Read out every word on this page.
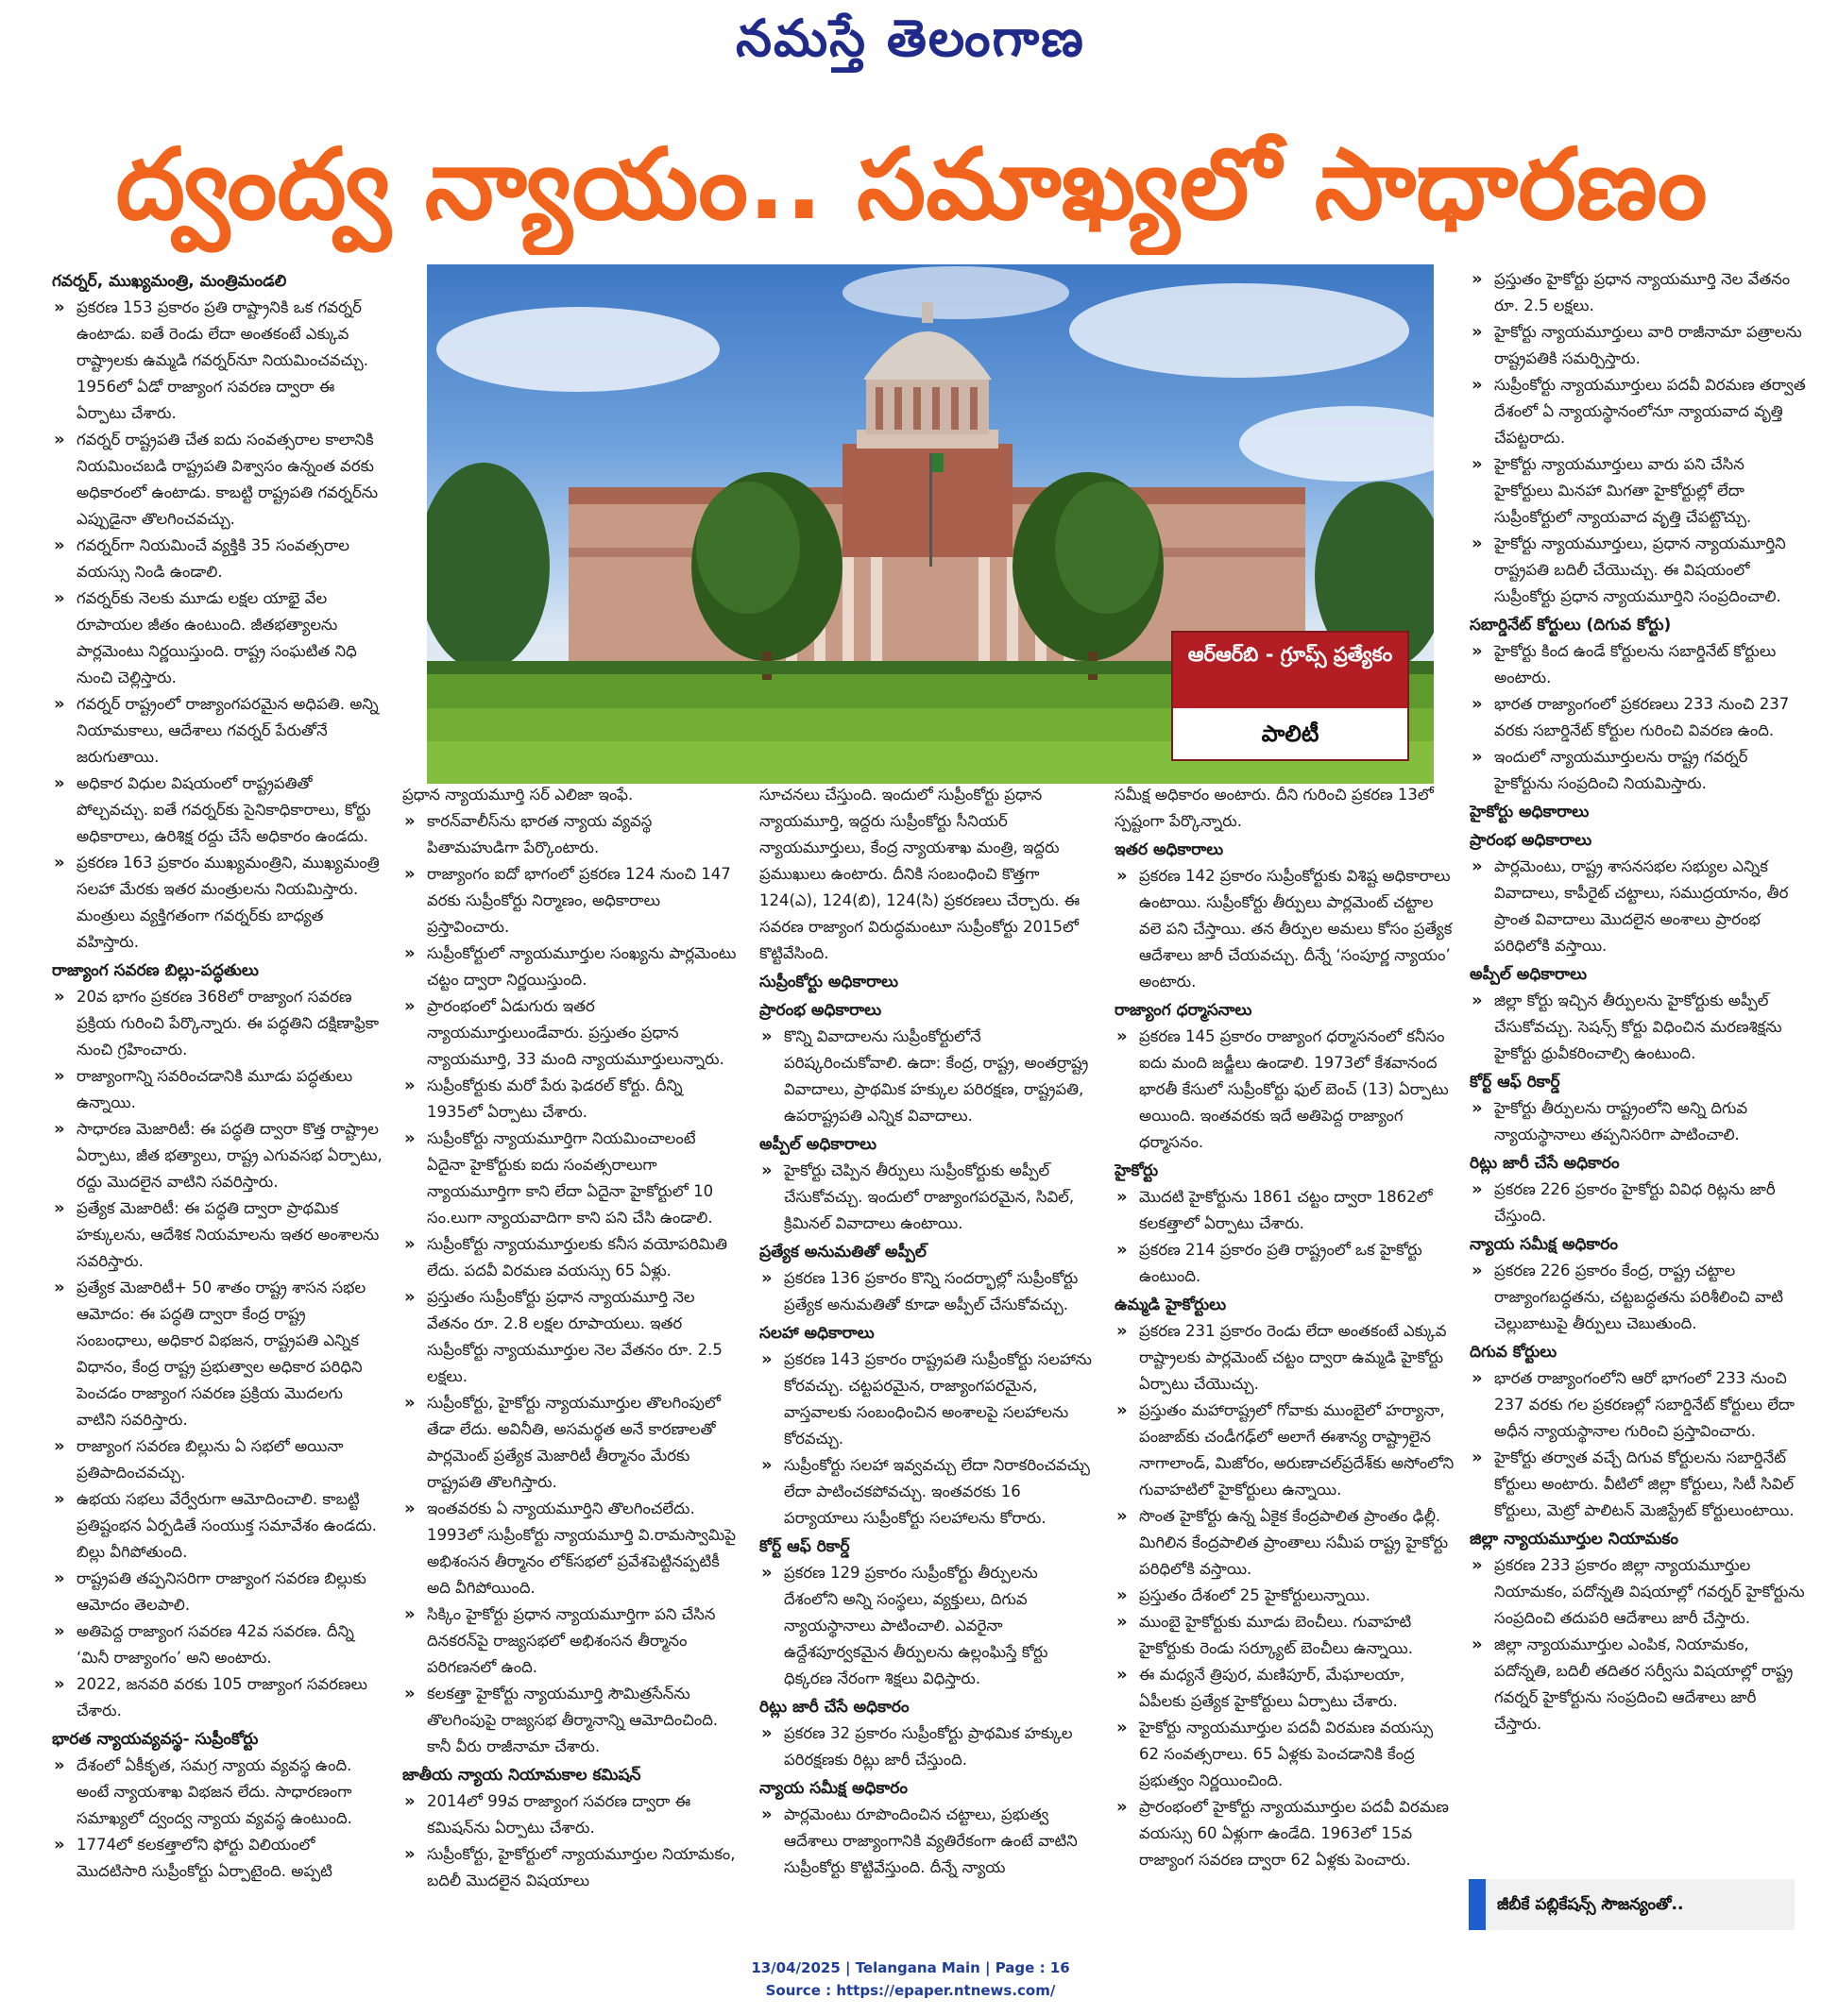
నమస్తే తెలంగాణ
ద్వంద్వ న్యాయం.. సమాఖ్యలో సాధారణం
గవర్నర్, ముఖ్యమంత్రి, మంత్రిమండలి
» ప్రకరణ 153 ప్రకారం ప్రతి రాష్ట్రానికి ఒక గవర్నర్ ఉంటాడు. ఐతే రెండు లేదా అంతకంటే ఎక్కువ రాష్ట్రాలకు ఉమ్మడి గవర్నర్‌నూ నియమించవచ్చు. 1956లో ఏడో రాజ్యాంగ సవరణ ద్వారా ఈ ఏర్పాటు చేశారు.
» గవర్నర్ రాష్ట్రపతి చేత ఐదు సంవత్సరాల కాలానికి నియమించబడి రాష్ట్రపతి విశ్వాసం ఉన్నంత వరకు అధికారంలో ఉంటాడు. కాబట్టి రాష్ట్రపతి గవర్నర్‌ను ఎప్పుడైనా తొలగించవచ్చు.
» గవర్నర్‌గా నియమించే వ్యక్తికి 35 సంవత్సరాల వయస్సు నిండి ఉండాలి.
» గవర్నర్‌కు నెలకు మూడు లక్షల యాభై వేల రూపాయల జీతం ఉంటుంది. జీతభత్యాలను పార్లమెంటు నిర్ణయిస్తుంది. రాష్ట్ర సంఘటిత నిధి నుంచి చెల్లిస్తారు.
» గవర్నర్ రాష్ట్రంలో రాజ్యాంగపరమైన అధిపతి. అన్ని నియామకాలు, ఆదేశాలు గవర్నర్ పేరుతోనే జరుగుతాయి.
» అధికార విధుల విషయంలో రాష్ట్రపతితో పోల్చవచ్చు. ఐతే గవర్నర్‌కు సైనికాధికారాలు, కోర్టు అధికారాలు, ఉరిశిక్ష రద్దు చేసే అధికారం ఉండదు.
» ప్రకరణ 163 ప్రకారం ముఖ్యమంత్రిని, ముఖ్యమంత్రి సలహా మేరకు ఇతర మంత్రులను నియమిస్తారు. మంత్రులు వ్యక్తిగతంగా గవర్నర్‌కు బాధ్యత వహిస్తారు.
రాజ్యాంగ సవరణ బిల్లు-పద్ధతులు
» 20వ భాగం ప్రకరణ 368లో రాజ్యాంగ సవరణ ప్రక్రియ గురించి పేర్కొన్నారు. ఈ పద్ధతిని దక్షిణాఫ్రికా నుంచి గ్రహించారు.
» రాజ్యాంగాన్ని సవరించడానికి మూడు పద్ధతులు ఉన్నాయి.
» సాధారణ మెజారిటీ: ఈ పద్ధతి ద్వారా కొత్త రాష్ట్రాల ఏర్పాటు, జీత భత్యాలు, రాష్ట్ర ఎగువసభ ఏర్పాటు, రద్దు మొదలైన వాటిని సవరిస్తారు.
» ప్రత్యేక మెజారిటీ: ఈ పద్ధతి ద్వారా ప్రాథమిక హక్కులను, ఆదేశిక నియమాలను ఇతర అంశాలను సవరిస్తారు.
» ప్రత్యేక మెజారిటీ+ 50 శాతం రాష్ట్ర శాసన సభల ఆమోదం: ఈ పద్ధతి ద్వారా కేంద్ర రాష్ట్ర సంబంధాలు, అధికార విభజన, రాష్ట్రపతి ఎన్నిక విధానం, కేంద్ర రాష్ట్ర ప్రభుత్వాల అధికార పరిధిని పెంచడం రాజ్యాంగ సవరణ ప్రక్రియ మొదలగు వాటిని సవరిస్తారు.
» రాజ్యాంగ సవరణ బిల్లును ఏ సభలో అయినా ప్రతిపాదించవచ్చు.
» ఉభయ సభలు వేర్వేరుగా ఆమోదించాలి. కాబట్టి ప్రతిష్టంభన ఏర్పడితే సంయుక్త సమావేశం ఉండదు. బిల్లు వీగిపోతుంది.
» రాష్ట్రపతి తప్పనిసరిగా రాజ్యాంగ సవరణ బిల్లుకు ఆమోదం తెలపాలి.
» అతిపెద్ద రాజ్యాంగ సవరణ 42వ సవరణ. దీన్ని ‘మినీ రాజ్యాంగం’ అని అంటారు.
» 2022, జనవరి వరకు 105 రాజ్యాంగ సవరణలు చేశారు.
భారత న్యాయవ్యవస్థ- సుప్రీంకోర్టు
» దేశంలో ఏకీకృత, సమగ్ర న్యాయ వ్యవస్థ ఉంది. అంటే న్యాయశాఖ విభజన లేదు. సాధారణంగా సమాఖ్యలో ద్వంద్వ న్యాయ వ్యవస్థ ఉంటుంది.
» 1774లో కలకత్తాలోని ఫోర్టు విలియంలో మొదటిసారి సుప్రీంకోర్టు ఏర్పాటైంది. అప్పటి
ఆర్ఆర్‌బి - గ్రూప్స్ ప్రత్యేకం
పాలిటీ
ప్రధాన న్యాయమూర్తి సర్ ఎలిజా ఇంఫే.
» కారన్‌వాలీస్‌ను భారత న్యాయ వ్యవస్థ పితామహుడిగా పేర్కొంటారు.
» రాజ్యాంగం ఐదో భాగంలో ప్రకరణ 124 నుంచి 147 వరకు సుప్రీంకోర్టు నిర్మాణం, అధికారాలు ప్రస్తావించారు.
» సుప్రీంకోర్టులో న్యాయమూర్తుల సంఖ్యను పార్లమెంటు చట్టం ద్వారా నిర్ణయిస్తుంది.
» ప్రారంభంలో ఏడుగురు ఇతర న్యాయమూర్తులుండేవారు. ప్రస్తుతం ప్రధాన న్యాయమూర్తి, 33 మంది న్యాయమూర్తులున్నారు.
» సుప్రీంకోర్టుకు మరో పేరు ఫెడరల్ కోర్టు. దీన్ని 1935లో ఏర్పాటు చేశారు.
» సుప్రీంకోర్టు న్యాయమూర్తిగా నియమించాలంటే ఏదైనా హైకోర్టుకు ఐదు సంవత్సరాలుగా న్యాయమూర్తిగా కాని లేదా ఏదైనా హైకోర్టులో 10 సం.లుగా న్యాయవాదిగా కాని పని చేసి ఉండాలి.
» సుప్రీంకోర్టు న్యాయమూర్తులకు కనీస వయోపరిమితి లేదు. పదవీ విరమణ వయస్సు 65 ఏళ్లు.
» ప్రస్తుతం సుప్రీంకోర్టు ప్రధాన న్యాయమూర్తి నెల వేతనం రూ. 2.8 లక్షల రూపాయలు. ఇతర సుప్రీంకోర్టు న్యాయమూర్తుల నెల వేతనం రూ. 2.5 లక్షలు.
» సుప్రీంకోర్టు, హైకోర్టు న్యాయమూర్తుల తొలగింపులో తేడా లేదు. అవినీతి, అసమర్థత అనే కారణాలతో పార్లమెంట్ ప్రత్యేక మెజారిటీ తీర్మానం మేరకు రాష్ట్రపతి తొలగిస్తారు.
» ఇంతవరకు ఏ న్యాయమూర్తిని తొలగించలేదు. 1993లో సుప్రీంకోర్టు న్యాయమూర్తి వి.రామస్వామిపై అభిశంసన తీర్మానం లోక్‌సభలో ప్రవేశపెట్టినప్పటికీ అది వీగిపోయింది.
» సిక్కిం హైకోర్టు ప్రధాన న్యాయమూర్తిగా పని చేసిన దినకరన్‌పై రాజ్యసభలో అభిశంసన తీర్మానం పరిగణనలో ఉంది.
» కలకత్తా హైకోర్టు న్యాయమూర్తి సౌమిత్రసేన్‌ను తొలగింపుపై రాజ్యసభ తీర్మానాన్ని ఆమోదించింది. కానీ వీరు రాజీనామా చేశారు.
జాతీయ న్యాయ నియామకాల కమిషన్
» 2014లో 99వ రాజ్యాంగ సవరణ ద్వారా ఈ కమిషన్‌ను ఏర్పాటు చేశారు.
» సుప్రీంకోర్టు, హైకోర్టులో న్యాయమూర్తుల నియామకం, బదిలీ మొదలైన విషయాలు
సూచనలు చేస్తుంది. ఇందులో సుప్రీంకోర్టు ప్రధాన న్యాయమూర్తి, ఇద్దరు సుప్రీంకోర్టు సీనియర్ న్యాయమూర్తులు, కేంద్ర న్యాయశాఖ మంత్రి, ఇద్దరు ప్రముఖులు ఉంటారు. దీనికి సంబంధించి కొత్తగా 124(ఎ), 124(బి), 124(సి) ప్రకరణలు చేర్చారు. ఈ సవరణ రాజ్యాంగ విరుద్ధమంటూ సుప్రీంకోర్టు 2015లో కొట్టివేసింది.
సుప్రీంకోర్టు అధికారాలు
ప్రారంభ అధికారాలు
» కొన్ని వివాదాలను సుప్రీంకోర్టులోనే పరిష్కరించుకోవాలి. ఉదా: కేంద్ర, రాష్ట్ర, అంతర్రాష్ట్ర వివాదాలు, ప్రాథమిక హక్కుల పరిరక్షణ, రాష్ట్రపతి, ఉపరాష్ట్రపతి ఎన్నిక వివాదాలు.
అప్పీల్ అధికారాలు
» హైకోర్టు చెప్పిన తీర్పులు సుప్రీంకోర్టుకు అప్పీల్ చేసుకోవచ్చు. ఇందులో రాజ్యాంగపరమైన, సివిల్, క్రిమినల్ వివాదాలు ఉంటాయి.
ప్రత్యేక అనుమతితో అప్పీల్
» ప్రకరణ 136 ప్రకారం కొన్ని సందర్భాల్లో సుప్రీంకోర్టు ప్రత్యేక అనుమతితో కూడా అప్పీల్ చేసుకోవచ్చు.
సలహా అధికారాలు
» ప్రకరణ 143 ప్రకారం రాష్ట్రపతి సుప్రీంకోర్టు సలహాను కోరవచ్చు. చట్టపరమైన, రాజ్యాంగపరమైన, వాస్తవాలకు సంబంధించిన అంశాలపై సలహాలను కోరవచ్చు.
» సుప్రీంకోర్టు సలహా ఇవ్వవచ్చు లేదా నిరాకరించవచ్చు లేదా పాటించకపోవచ్చు. ఇంతవరకు 16 పర్యాయాలు సుప్రీంకోర్టు సలహాలను కోరారు.
కోర్ట్ ఆఫ్ రికార్డ్
» ప్రకరణ 129 ప్రకారం సుప్రీంకోర్టు తీర్పులను దేశంలోని అన్ని సంస్థలు, వ్యక్తులు, దిగువ న్యాయస్థానాలు పాటించాలి. ఎవరైనా ఉద్దేశపూర్వకమైన తీర్పులను ఉల్లంఘిస్తే కోర్టు ధిక్కరణ నేరంగా శిక్షలు విధిస్తారు.
రిట్లు జారీ చేసే అధికారం
» ప్రకరణ 32 ప్రకారం సుప్రీంకోర్టు ప్రాథమిక హక్కుల పరిరక్షణకు రిట్లు జారీ చేస్తుంది.
న్యాయ సమీక్ష అధికారం
» పార్లమెంటు రూపొందించిన చట్టాలు, ప్రభుత్వ ఆదేశాలు రాజ్యాంగానికి వ్యతిరేకంగా ఉంటే వాటిని సుప్రీంకోర్టు కొట్టివేస్తుంది. దీన్నే న్యాయ
సమీక్ష అధికారం అంటారు. దీని గురించి ప్రకరణ 13లో స్పష్టంగా పేర్కొన్నారు.
ఇతర అధికారాలు
» ప్రకరణ 142 ప్రకారం సుప్రీంకోర్టుకు విశిష్ట అధికారాలు ఉంటాయి. సుప్రీంకోర్టు తీర్పులు పార్లమెంట్ చట్టాల వలె పని చేస్తాయి. తన తీర్పుల అమలు కోసం ప్రత్యేక ఆదేశాలు జారీ చేయవచ్చు. దీన్నే ‘సంపూర్ణ న్యాయం’ అంటారు.
రాజ్యాంగ ధర్మాసనాలు
» ప్రకరణ 145 ప్రకారం రాజ్యాంగ ధర్మాసనంలో కనీసం ఐదు మంది జడ్జీలు ఉండాలి. 1973లో కేశవానంద భారతీ కేసులో సుప్రీంకోర్టు ఫుల్ బెంచ్ (13) ఏర్పాటు అయింది. ఇంతవరకు ఇదే అతిపెద్ద రాజ్యాంగ ధర్మాసనం.
హైకోర్టు
» మొదటి హైకోర్టును 1861 చట్టం ద్వారా 1862లో కలకత్తాలో ఏర్పాటు చేశారు.
» ప్రకరణ 214 ప్రకారం ప్రతి రాష్ట్రంలో ఒక హైకోర్టు ఉంటుంది.
ఉమ్మడి హైకోర్టులు
» ప్రకరణ 231 ప్రకారం రెండు లేదా అంతకంటే ఎక్కువ రాష్ట్రాలకు పార్లమెంట్ చట్టం ద్వారా ఉమ్మడి హైకోర్టు ఏర్పాటు చేయొచ్చు.
» ప్రస్తుతం మహారాష్ట్రలో గోవాకు ముంబైలో హర్యానా, పంజాబ్‌కు చండీగఢ్‌లో అలాగే ఈశాన్య రాష్ట్రాలైన నాగాలాండ్, మిజోరం, అరుణాచల్‌ప్రదేశ్‌కు అసోంలోని గువాహటిలో హైకోర్టులు ఉన్నాయి.
» సొంత హైకోర్టు ఉన్న ఏకైక కేంద్రపాలిత ప్రాంతం ఢిల్లీ. మిగిలిన కేంద్రపాలిత ప్రాంతాలు సమీప రాష్ట్ర హైకోర్టు పరిధిలోకి వస్తాయి.
» ప్రస్తుతం దేశంలో 25 హైకోర్టులున్నాయి.
» ముంబై హైకోర్టుకు మూడు బెంచీలు. గువాహటి హైకోర్టుకు రెండు సర్క్యూట్ బెంచీలు ఉన్నాయి.
» ఈ మధ్యనే త్రిపుర, మణిపూర్, మేఘాలయా, ఏపీలకు ప్రత్యేక హైకోర్టులు ఏర్పాటు చేశారు.
» హైకోర్టు న్యాయమూర్తుల పదవీ విరమణ వయస్సు 62 సంవత్సరాలు. 65 ఏళ్లకు పెంచడానికి కేంద్ర ప్రభుత్వం నిర్ణయించింది.
» ప్రారంభంలో హైకోర్టు న్యాయమూర్తుల పదవీ విరమణ వయస్సు 60 ఏళ్లుగా ఉండేది. 1963లో 15వ రాజ్యాంగ సవరణ ద్వారా 62 ఏళ్లకు పెంచారు.
» ప్రస్తుతం హైకోర్టు ప్రధాన న్యాయమూర్తి నెల వేతనం రూ. 2.5 లక్షలు.
» హైకోర్టు న్యాయమూర్తులు వారి రాజీనామా పత్రాలను రాష్ట్రపతికి సమర్పిస్తారు.
» సుప్రీంకోర్టు న్యాయమూర్తులు పదవీ విరమణ తర్వాత దేశంలో ఏ న్యాయస్థానంలోనూ న్యాయవాద వృత్తి చేపట్టరాదు.
» హైకోర్టు న్యాయమూర్తులు వారు పని చేసిన హైకోర్టులు మినహా మిగతా హైకోర్టుల్లో లేదా సుప్రీంకోర్టులో న్యాయవాద వృత్తి చేపట్టొచ్చు.
» హైకోర్టు న్యాయమూర్తులు, ప్రధాన న్యాయమూర్తిని రాష్ట్రపతి బదిలీ చేయొచ్చు. ఈ విషయంలో సుప్రీంకోర్టు ప్రధాన న్యాయమూర్తిని సంప్రదించాలి.
సబార్డినేట్ కోర్టులు (దిగువ కోర్టు)
» హైకోర్టు కింద ఉండే కోర్టులను సబార్డినేట్ కోర్టులు అంటారు.
» భారత రాజ్యాంగంలో ప్రకరణలు 233 నుంచి 237 వరకు సబార్డినేట్ కోర్టుల గురించి వివరణ ఉంది.
» ఇందులో న్యాయమూర్తులను రాష్ట్ర గవర్నర్ హైకోర్టును సంప్రదించి నియమిస్తారు.
హైకోర్టు అధికారాలు
ప్రారంభ అధికారాలు
» పార్లమెంటు, రాష్ట్ర శాసనసభల సభ్యుల ఎన్నిక వివాదాలు, కాపీరైట్ చట్టాలు, సముద్రయానం, తీర ప్రాంత వివాదాలు మొదలైన అంశాలు ప్రారంభ పరిధిలోకి వస్తాయి.
అప్పీల్ అధికారాలు
» జిల్లా కోర్టు ఇచ్చిన తీర్పులను హైకోర్టుకు అప్పీల్ చేసుకోవచ్చు. సెషన్స్ కోర్టు విధించిన మరణశిక్షను హైకోర్టు ధ్రువీకరించాల్సి ఉంటుంది.
కోర్ట్ ఆఫ్ రికార్డ్
» హైకోర్టు తీర్పులను రాష్ట్రంలోని అన్ని దిగువ న్యాయస్థానాలు తప్పనిసరిగా పాటించాలి.
రిట్లు జారీ చేసే అధికారం
» ప్రకరణ 226 ప్రకారం హైకోర్టు వివిధ రిట్లను జారీ చేస్తుంది.
న్యాయ సమీక్ష అధికారం
» ప్రకరణ 226 ప్రకారం కేంద్ర, రాష్ట్ర చట్టాల రాజ్యాంగబద్ధతను, చట్టబద్ధతను పరిశీలించి వాటి చెల్లుబాటుపై తీర్పులు చెబుతుంది.
దిగువ కోర్టులు
» భారత రాజ్యాంగంలోని ఆరో భాగంలో 233 నుంచి 237 వరకు గల ప్రకరణల్లో సబార్డినేట్ కోర్టులు లేదా అధీన న్యాయస్థానాల గురించి ప్రస్తావించారు.
» హైకోర్టు తర్వాత వచ్చే దిగువ కోర్టులను సబార్డినేట్ కోర్టులు అంటారు. వీటిలో జిల్లా కోర్టులు, సిటీ సివిల్ కోర్టులు, మెట్రో పాలిటన్ మెజిస్ట్రేట్ కోర్టులుంటాయి.
జిల్లా న్యాయమూర్తుల నియామకం
» ప్రకరణ 233 ప్రకారం జిల్లా న్యాయమూర్తుల నియామకం, పదోన్నతి విషయాల్లో గవర్నర్ హైకోర్టును సంప్రదించి తదుపరి ఆదేశాలు జారీ చేస్తారు.
» జిల్లా న్యాయమూర్తుల ఎంపిక, నియామకం, పదోన్నతి, బదిలీ తదితర సర్వీసు విషయాల్లో రాష్ట్ర గవర్నర్ హైకోర్టును సంప్రదించి ఆదేశాలు జారీ చేస్తారు.
జీబీకే పబ్లికేషన్స్ సౌజన్యంతో..
13/04/2025 | Telangana Main | Page : 16
Source : https://epaper.ntnews.com/
